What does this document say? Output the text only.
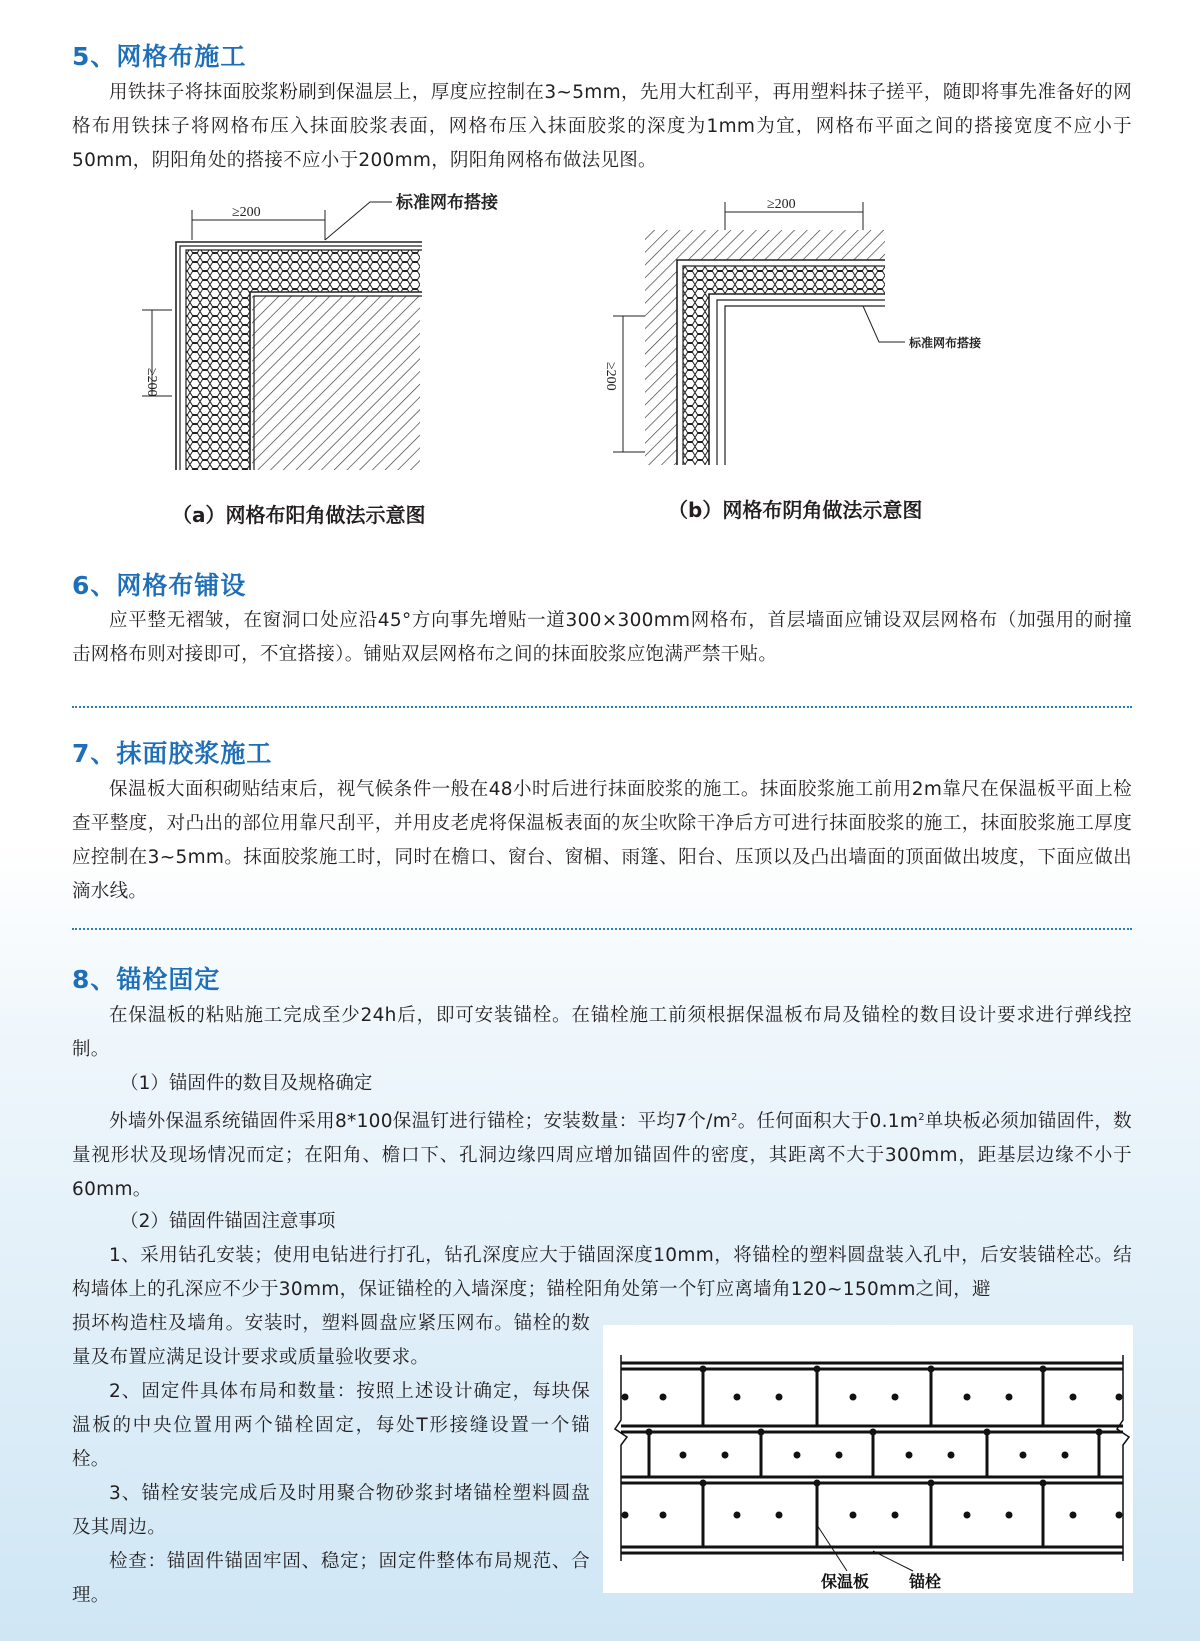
5、网格布施工

用铁抹子将抹面胶浆粉刷到保温层上，厚度应控制在3~5mm，先用大杠刮平，再用塑料抹子搓平，随即将事先准备好的网格布用铁抹子将网格布压入抹面胶浆表面，网格布压入抹面胶浆的深度为1mm为宜，网格布平面之间的搭接宽度不应小于50mm，阴阳角处的搭接不应小于200mm，阴阳角网格布做法见图。

≥200
≥200
标准网布搭接

（a）网格布阳角做法示意图

≥200
≥200
标准网布搭接

（b）网格布阴角做法示意图

6、网格布铺设

应平整无褶皱，在窗洞口处应沿45°方向事先增贴一道300×300mm网格布，首层墙面应铺设双层网格布（加强用的耐撞击网格布则对接即可，不宜搭接）。铺贴双层网格布之间的抹面胶浆应饱满严禁干贴。

7、抹面胶浆施工

保温板大面积砌贴结束后，视气候条件一般在48小时后进行抹面胶浆的施工。抹面胶浆施工前用2m靠尺在保温板平面上检查平整度，对凸出的部位用靠尺刮平，并用皮老虎将保温板表面的灰尘吹除干净后方可进行抹面胶浆的施工，抹面胶浆施工厚度应控制在3~5mm。抹面胶浆施工时，同时在檐口、窗台、窗楣、雨篷、阳台、压顶以及凸出墙面的顶面做出坡度，下面应做出滴水线。

8、锚栓固定

在保温板的粘贴施工完成至少24h后，即可安装锚栓。在锚栓施工前须根据保温板布局及锚栓的数目设计要求进行弹线控制。

（1）锚固件的数目及规格确定

外墙外保温系统锚固件采用8*100保温钉进行锚栓；安装数量：平均7个$/m^2$。任何面积大于$0.1m^2$单块板必须加锚固件，数量视形状及现场情况而定；在阳角、檐口下、孔洞边缘四周应增加锚固件的密度，其距离不大于300mm，距基层边缘不小于60mm。

（2）锚固件锚固注意事项

1、采用钻孔安装；使用电钻进行打孔，钻孔深度应大于锚固深度10mm，将锚栓的塑料圆盘装入孔中，后安装锚栓芯。结构墙体上的孔深应不少于30mm，保证锚栓的入墙深度；锚栓阳角处第一个钉应离墙角120~150mm之间，避

损坏构造柱及墙角。安装时，塑料圆盘应紧压网布。锚栓的数量及布置应满足设计要求或质量验收要求。

2、固定件具体布局和数量：按照上述设计确定，每块保温板的中央位置用两个锚栓固定，每处T形接缝设置一个锚栓。

3、锚栓安装完成后及时用聚合物砂浆封堵锚栓塑料圆盘及其周边。

检查：锚固件锚固牢固、稳定；固定件整体布局规范、合理。

保温板 锚栓
